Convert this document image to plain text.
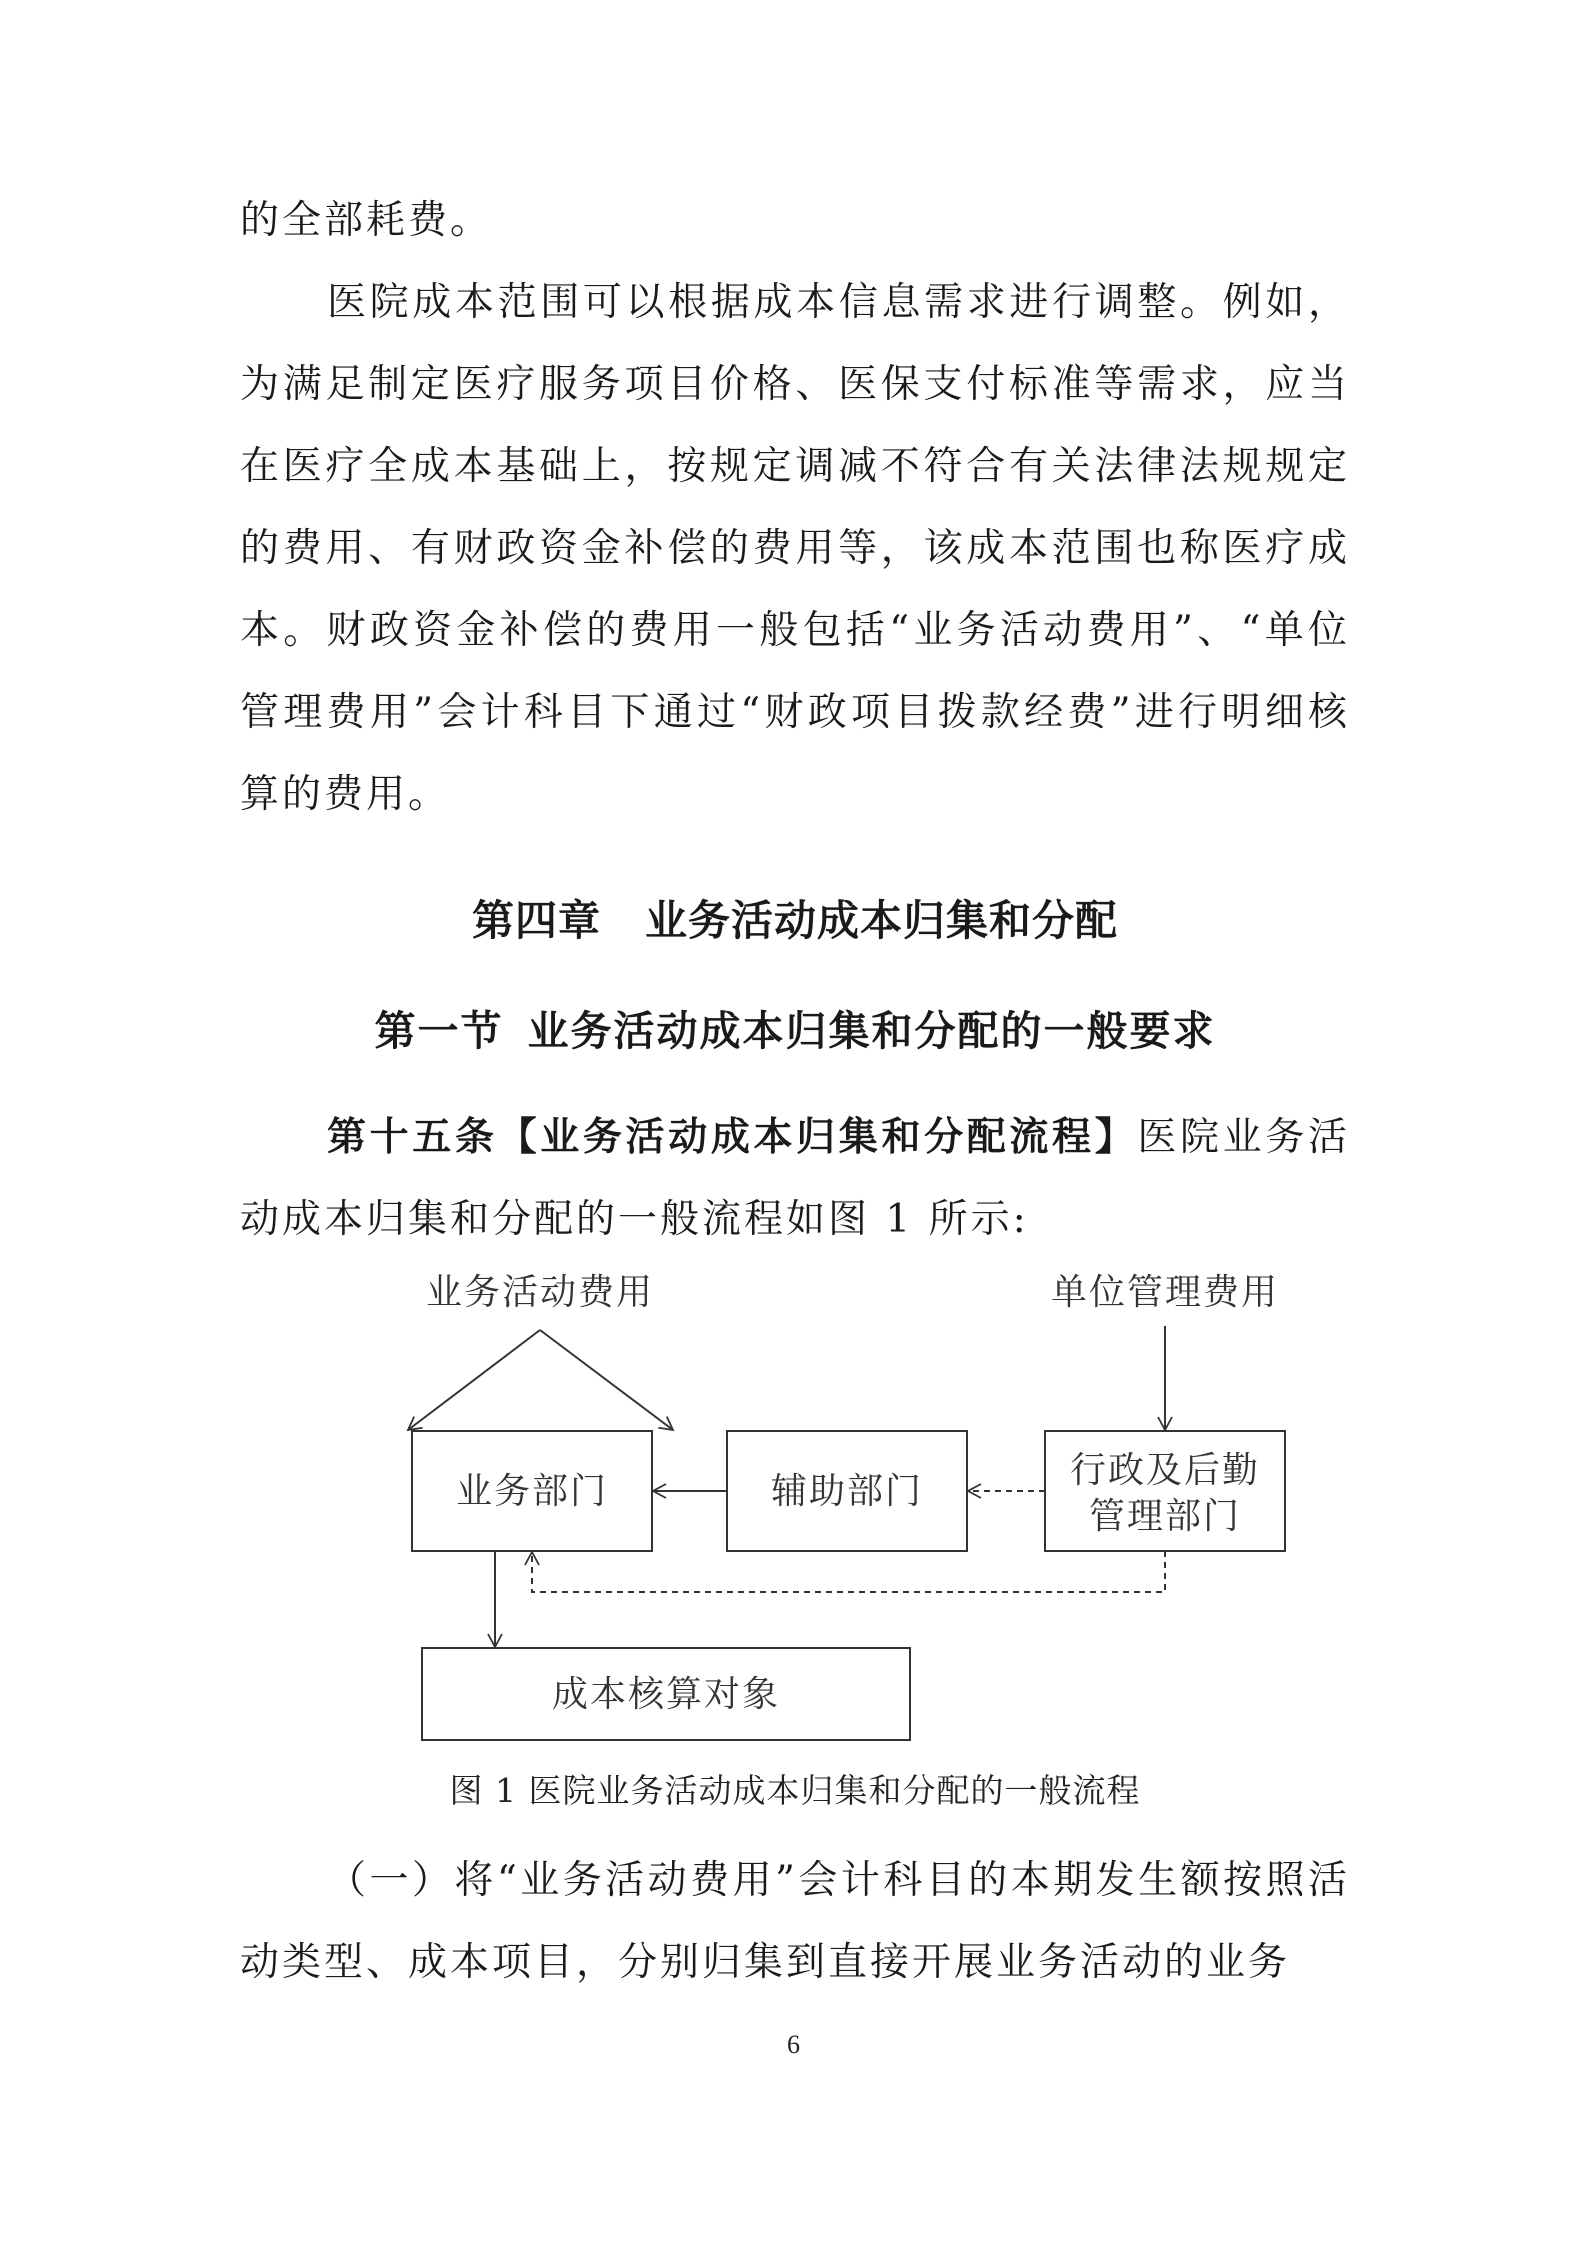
的全部耗费。

医院成本范围可以根据成本信息需求进行调整。例如，为满足制定医疗服务项目价格、医保支付标准等需求，应当在医疗全成本基础上，按规定调减不符合有关法律法规规定的费用、有财政资金补偿的费用等，该成本范围也称医疗成本。财政资金补偿的费用一般包括“业务活动费用”、“单位管理费用”会计科目下通过“财政项目拨款经费”进行明细核算的费用。

第四章 业务活动成本归集和分配
第一节 业务活动成本归集和分配的一般要求

第十五条【业务活动成本归集和分配流程】医院业务活动成本归集和分配的一般流程如图 1 所示:

业务活动费用	单位管理费用
业务部门	辅助部门
行政及后勤
管理部门
成本核算对象

图 1 医院业务活动成本归集和分配的一般流程

（一）将“业务活动费用”会计科目的本期发生额按照活动类型、成本项目，分别归集到直接开展业务活动的业务

6
